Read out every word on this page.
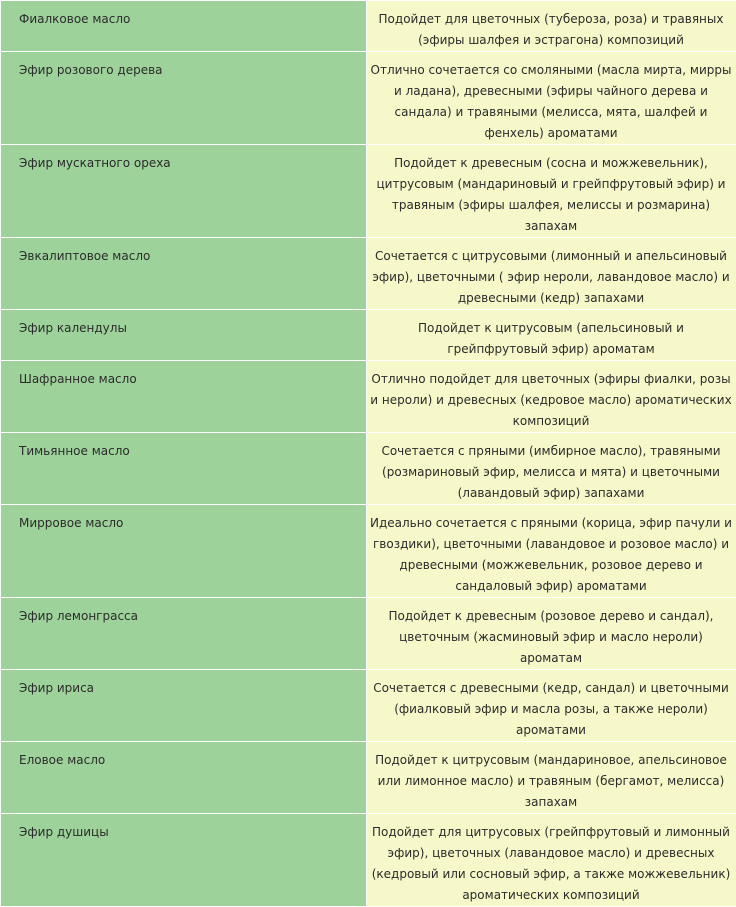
Фиалковое масло	Подойдет для цветочных (тубероза, роза) и травяных (эфиры шалфея и эстрагона) композиций
Эфир розового дерева	Отлично сочетается со смоляными (масла мирта, мирры и ладана), древесными (эфиры чайного дерева и сандала) и травяными (мелисса, мята, шалфей и фенхель) ароматами
Эфир мускатного ореха	Подойдет к древесным (сосна и можжевельник), цитрусовым (мандариновый и грейпфрутовый эфир) и травяным (эфиры шалфея, мелиссы и розмарина) запахам
Эвкалиптовое масло	Сочетается с цитрусовыми (лимонный и апельсиновый эфир), цветочными ( эфир нероли, лавандовое масло) и древесными (кедр) запахами
Эфир календулы	Подойдет к цитрусовым (апельсиновый и грейпфрутовый эфир) ароматам
Шафранное масло	Отлично подойдет для цветочных (эфиры фиалки, розы и нероли) и древесных (кедровое масло) ароматических композиций
Тимьянное масло	Сочетается с пряными (имбирное масло), травяными (розмариновый эфир, мелисса и мята) и цветочными (лавандовый эфир) запахами
Мирровое масло	Идеально сочетается с пряными (корица, эфир пачули и гвоздики), цветочными (лавандовое и розовое масло) и древесными (можжевельник, розовое дерево и сандаловый эфир) ароматами
Эфир лемонграсса	Подойдет к древесным (розовое дерево и сандал), цветочным (жасминовый эфир и масло нероли) ароматам
Эфир ириса	Сочетается с древесными (кедр, сандал) и цветочными (фиалковый эфир и масла розы, а также нероли) ароматами
Еловое масло	Подойдет к цитрусовым (мандариновое, апельсиновое или лимонное масло) и травяным (бергамот, мелисса) запахам
Эфир душицы	Подойдет для цитрусовых (грейпфрутовый и лимонный эфир), цветочных (лавандовое масло) и древесных (кедровый или сосновый эфир, а также можжевельник) ароматических композиций
